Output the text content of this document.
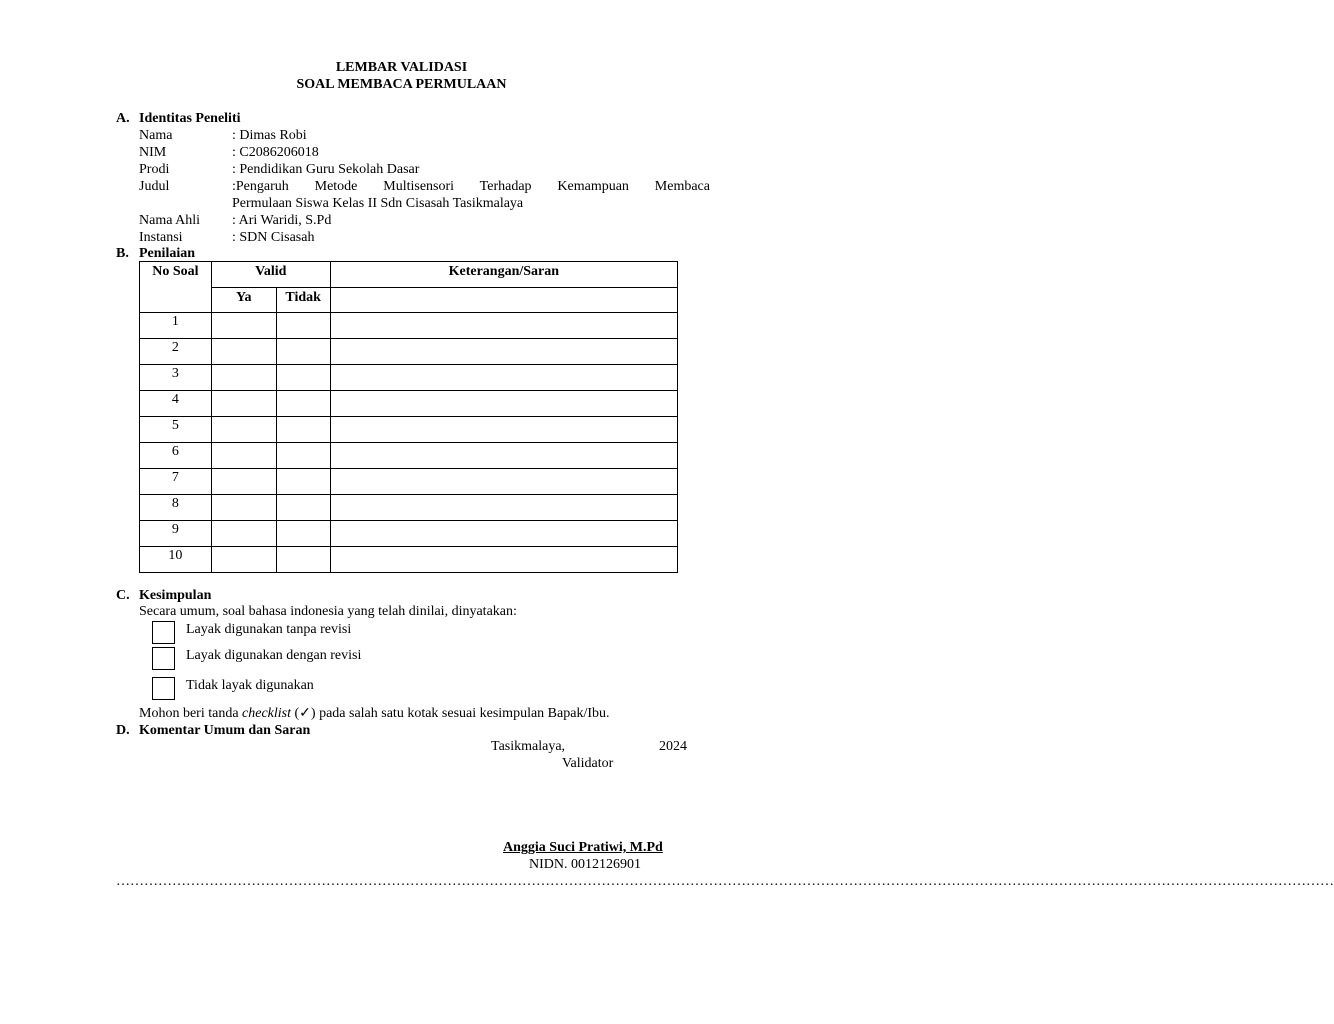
LEMBAR VALIDASI
SOAL MEMBACA PERMULAAN
A. Identitas Peneliti
Nama	: Dimas Robi
NIM	: C2086206018
Prodi	: Pendidikan Guru Sekolah Dasar
Judul	:Pengaruh Metode Multisensori Terhadap Kemampuan Membaca
Permulaan Siswa Kelas II Sdn Cisasah Tasikmalaya
Nama Ahli : Ari Waridi, S.Pd
Instansi	: SDN Cisasah
B. Penilaian
No Soal	Valid		Keterangan/Saran
	Ya	Tidak	
1			
2			
3			
4			
5			
6			
7			
8			
9			
10			
C. Kesimpulan
Secara umum, soal bahasa indonesia yang telah dinilai, dinyatakan:
Layak digunakan tanpa revisi
Layak digunakan dengan revisi
Tidak layak digunakan
Mohon beri tanda checklist (✓) pada salah satu kotak sesuai kesimpulan Bapak/Ibu.
D. Komentar Umum dan Saran
Tasikmalaya,	2024
Validator
Anggia Suci Pratiwi, M.Pd
NIDN. 0012126901
………………………………………………………………………………………………………………………………………………………………………………………………………………………………………
